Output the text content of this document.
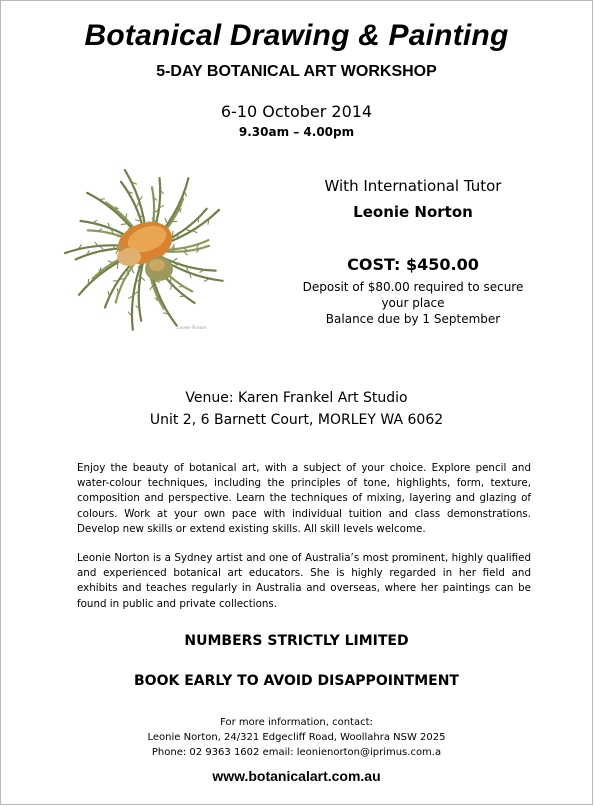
Botanical Drawing & Painting
5-DAY BOTANICAL ART WORKSHOP
6-10 October 2014
9.30am – 4.00pm
Leonie Norton
With International Tutor
Leonie Norton
COST: $450.00
Deposit of $80.00 required to secure
your place
Balance due by 1 September
Venue: Karen Frankel Art Studio
Unit 2, 6 Barnett Court, MORLEY WA 6062
Enjoy the beauty of botanical art, with a subject of your choice. Explore pencil and water-colour techniques, including the principles of tone, highlights, form, texture, composition and perspective. Learn the techniques of mixing, layering and glazing of colours. Work at your own pace with individual tuition and class demonstrations. Develop new skills or extend existing skills. All skill levels welcome.
Leonie Norton is a Sydney artist and one of Australia’s most prominent, highly qualified and experienced botanical art educators. She is highly regarded in her field and exhibits and teaches regularly in Australia and overseas, where her paintings can be found in public and private collections.
NUMBERS STRICTLY LIMITED
BOOK EARLY TO AVOID DISAPPOINTMENT
For more information, contact:
Leonie Norton, 24/321 Edgecliff Road, Woollahra NSW 2025
Phone: 02 9363 1602 email: leonienorton@iprimus.com.a
www.botanicalart.com.au
